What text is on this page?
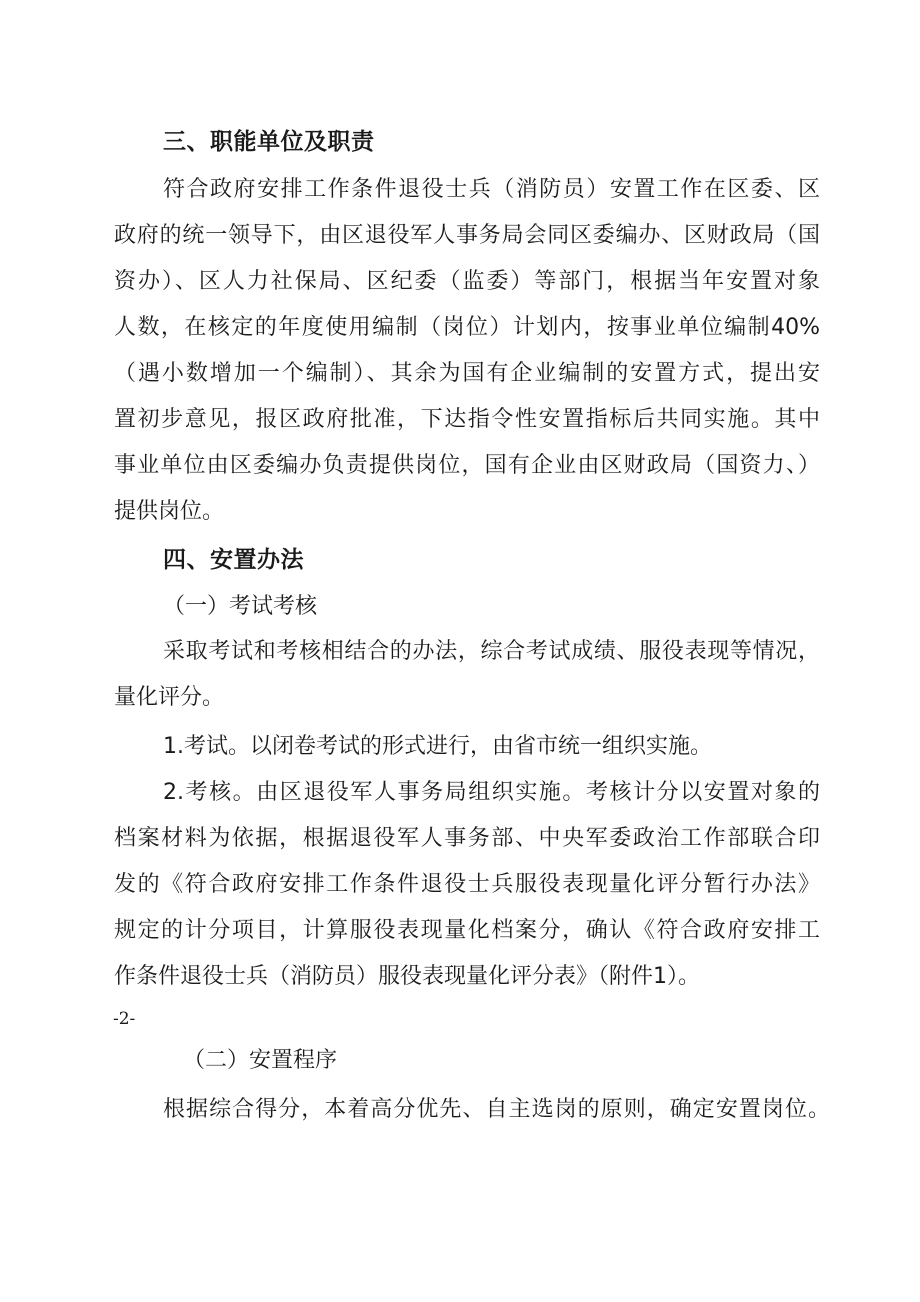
三、职能单位及职责
符合政府安排工作条件退役士兵（消防员）安置工作在区委、区
政府的统一领导下，由区退役军人事务局会同区委编办、区财政局（国
资办）、区人力社保局、区纪委（监委）等部门，根据当年安置对象
人数，在核定的年度使用编制（岗位）计划内，按事业单位编制40%
（遇小数增加一个编制）、其余为国有企业编制的安置方式，提出安
置初步意见，报区政府批准，下达指令性安置指标后共同实施。其中
事业单位由区委编办负责提供岗位，国有企业由区财政局（国资力、）
提供岗位。
四、安置办法
（一）考试考核
采取考试和考核相结合的办法，综合考试成绩、服役表现等情况，
量化评分。
1.考试。以闭卷考试的形式进行，由省市统一组织实施。
2.考核。由区退役军人事务局组织实施。考核计分以安置对象的
档案材料为依据，根据退役军人事务部、中央军委政治工作部联合印
发的《符合政府安排工作条件退役士兵服役表现量化评分暂行办法》
规定的计分项目，计算服役表现量化档案分，确认《符合政府安排工
作条件退役士兵（消防员）服役表现量化评分表》（附件1）。
-2-
（二）安置程序
根据综合得分，本着高分优先、自主选岗的原则，确定安置岗位。
